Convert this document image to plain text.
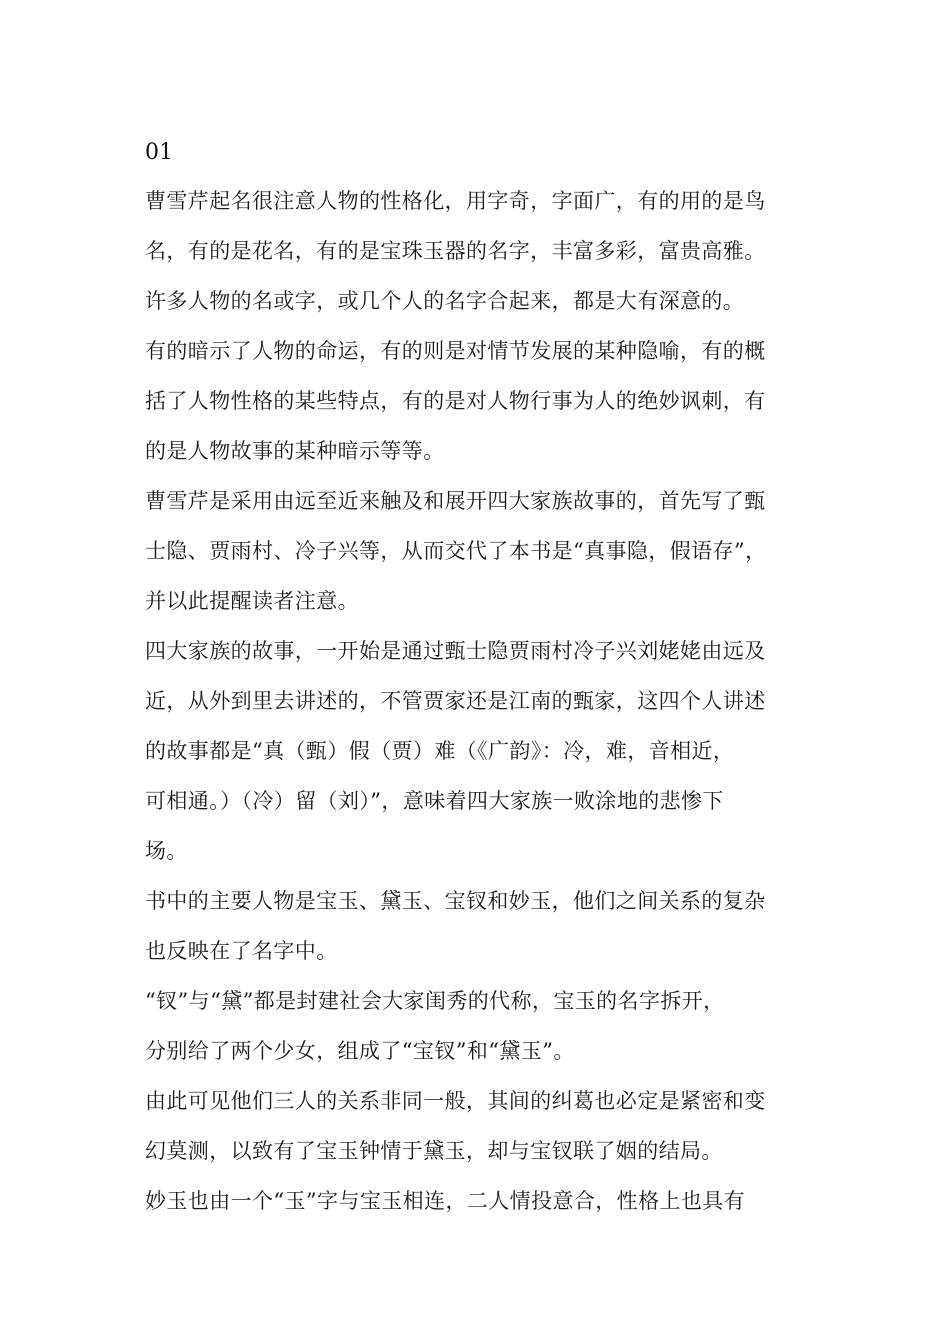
01
曹雪芹起名很注意人物的性格化，用字奇，字面广，有的用的是鸟
名，有的是花名，有的是宝珠玉器的名字，丰富多彩，富贵高雅。
许多人物的名或字，或几个人的名字合起来，都是大有深意的。
有的暗示了人物的命运，有的则是对情节发展的某种隐喻，有的概
括了人物性格的某些特点，有的是对人物行事为人的绝妙讽刺，有
的是人物故事的某种暗示等等。
曹雪芹是采用由远至近来触及和展开四大家族故事的，首先写了甄
士隐、贾雨村、冷子兴等，从而交代了本书是“真事隐，假语存”，
并以此提醒读者注意。
四大家族的故事，一开始是通过甄士隐贾雨村冷子兴刘姥姥由远及
近，从外到里去讲述的，不管贾家还是江南的甄家，这四个人讲述
的故事都是“真（甄）假（贾）难（《广韵》：冷，难，音相近，
可相通。）（冷）留（刘）”，意味着四大家族一败涂地的悲惨下
场。
书中的主要人物是宝玉、黛玉、宝钗和妙玉，他们之间关系的复杂
也反映在了名字中。
“钗”与“黛”都是封建社会大家闺秀的代称，宝玉的名字拆开，
分别给了两个少女，组成了“宝钗”和“黛玉”。
由此可见他们三人的关系非同一般，其间的纠葛也必定是紧密和变
幻莫测，以致有了宝玉钟情于黛玉，却与宝钗联了姻的结局。
妙玉也由一个“玉”字与宝玉相连，二人情投意合，性格上也具有
